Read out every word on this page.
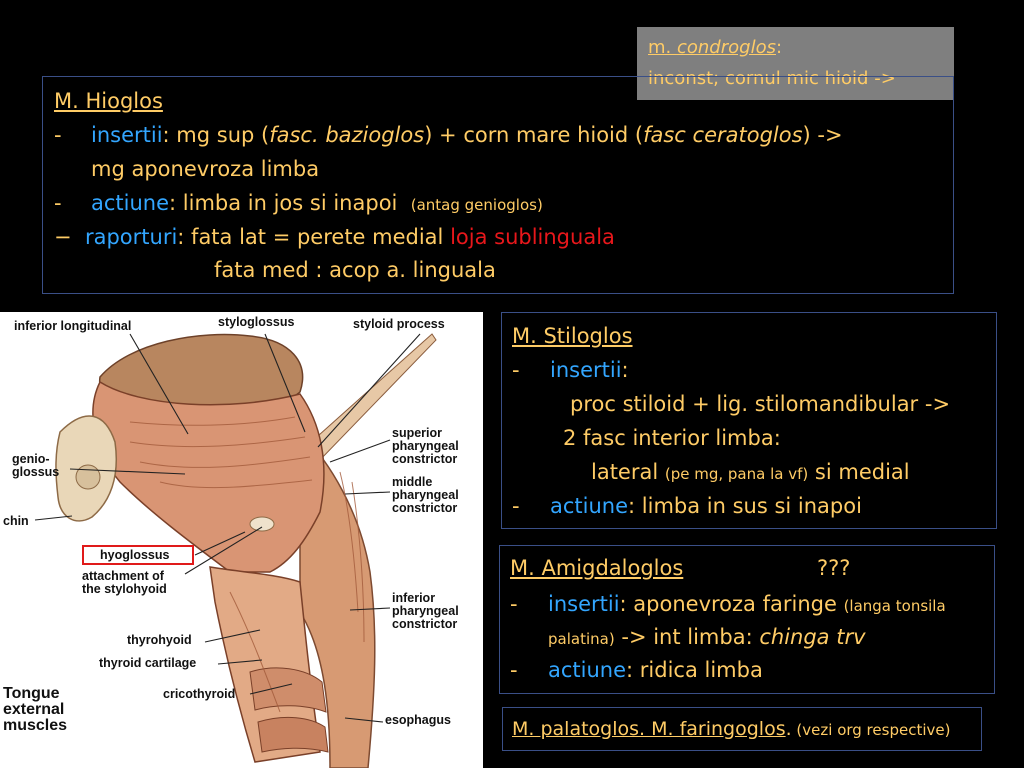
m. condroglos:
inconst; cornul mic hioid ->
M. Hioglos
- insertii: mg sup (fasc. bazioglos) + corn mare hioid (fasc ceratoglos) ->
mg aponevroza limba
- actiune: limba in jos si inapoi (antag genioglos)
− raporturi: fata lat = perete medial loja sublinguala
fata med : acop a. linguala
inferior longitudinal	styloglossus	styloid process
superior
pharyngeal
constrictor
genio-
glossus
middle
pharyngeal
constrictor
chin
hyoglossus
attachment of
the stylohyoid
inferior
pharyngeal
constrictor
thyrohyoid
thyroid cartilage
cricothyroid
esophagus
Tongue
external
muscles
M. Stiloglos
- insertii:
proc stiloid + lig. stilomandibular ->
2 fasc interior limba:
lateral (pe mg, pana la vf) si medial
- actiune: limba in sus si inapoi
M. Amigdaloglos	???
- insertii: aponevroza faringe (langa tonsila
palatina) -> int limba: chinga trv
- actiune: ridica limba
M. palatoglos. M. faringoglos. (vezi org respective)
